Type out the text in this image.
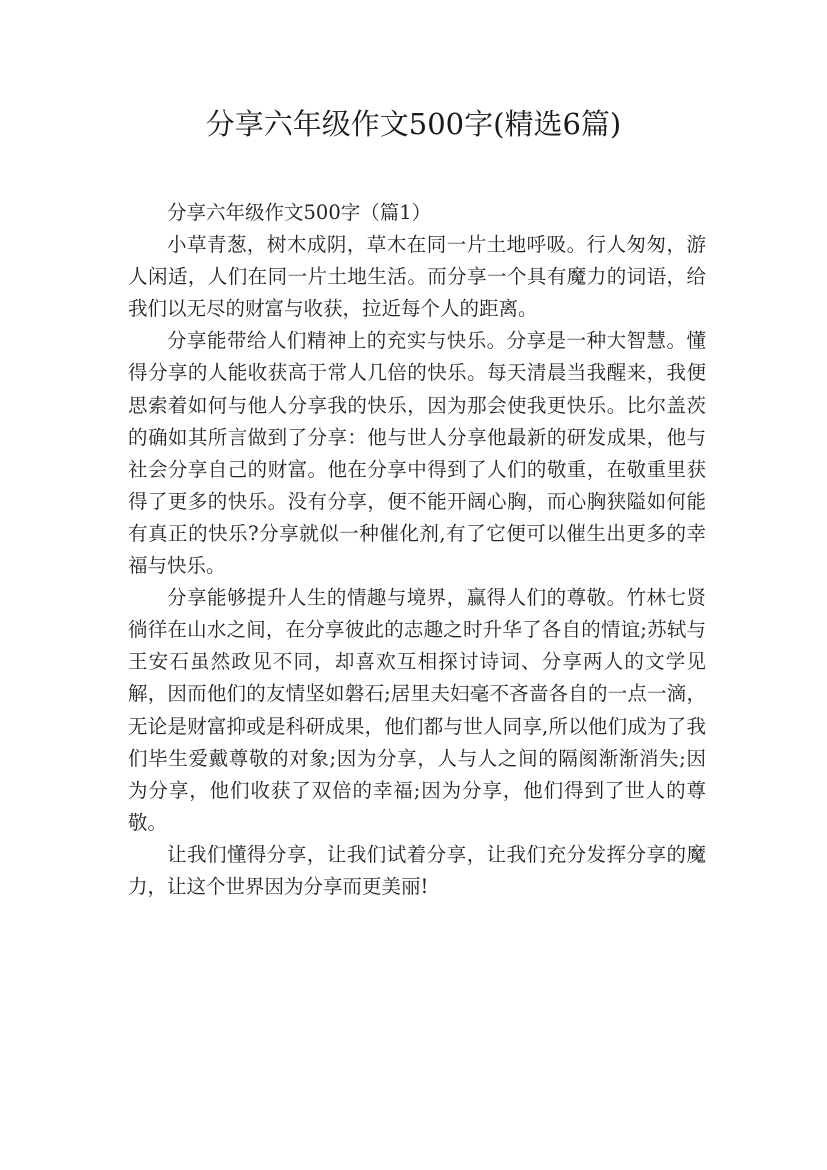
分享六年级作文500字(精选6篇)

分享六年级作文500字（篇1）

小草青葱，树木成阴，草木在同一片土地呼吸。行人匆匆，游人闲适，人们在同一片土地生活。而分享一个具有魔力的词语，给我们以无尽的财富与收获，拉近每个人的距离。

分享能带给人们精神上的充实与快乐。分享是一种大智慧。懂得分享的人能收获高于常人几倍的快乐。每天清晨当我醒来，我便思索着如何与他人分享我的快乐，因为那会使我更快乐。比尔盖茨的确如其所言做到了分享：他与世人分享他最新的研发成果，他与社会分享自己的财富。他在分享中得到了人们的敬重，在敬重里获得了更多的快乐。没有分享，便不能开阔心胸，而心胸狭隘如何能有真正的快乐?分享就似一种催化剂,有了它便可以催生出更多的幸福与快乐。

分享能够提升人生的情趣与境界，赢得人们的尊敬。竹林七贤徜徉在山水之间，在分享彼此的志趣之时升华了各自的情谊;苏轼与王安石虽然政见不同，却喜欢互相探讨诗词、分享两人的文学见解，因而他们的友情坚如磐石;居里夫妇毫不吝啬各自的一点一滴，无论是财富抑或是科研成果，他们都与世人同享,所以他们成为了我们毕生爱戴尊敬的对象;因为分享，人与人之间的隔阂渐渐消失;因为分享，他们收获了双倍的幸福;因为分享，他们得到了世人的尊敬。

让我们懂得分享，让我们试着分享，让我们充分发挥分享的魔力，让这个世界因为分享而更美丽!
